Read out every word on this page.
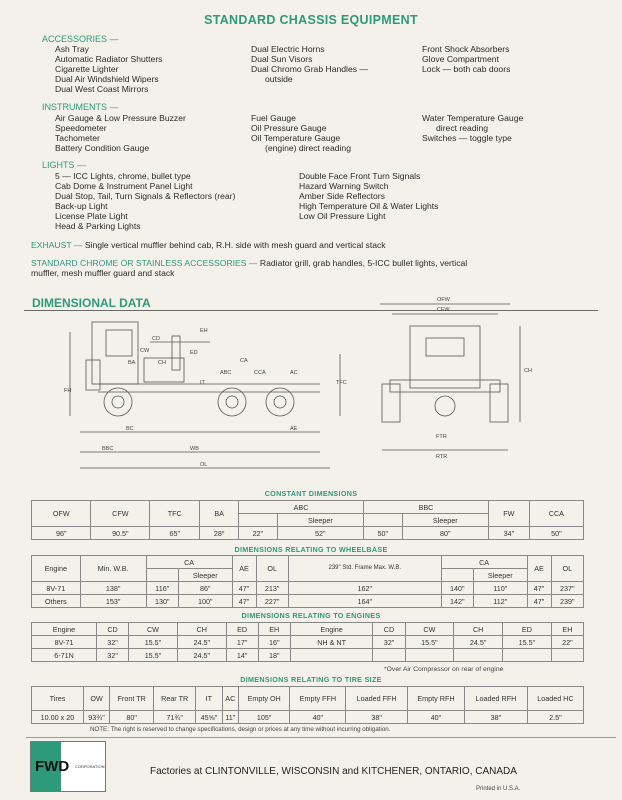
STANDARD CHASSIS EQUIPMENT
ACCESSORIES —
Ash Tray
Automatic Radiator Shutters
Cigarette Lighter
Dual Air Windshield Wipers
Dual West Coast Mirrors
Dual Electric Horns
Dual Sun Visors
Dual Chromo Grab Handles —
outside
Front Shock Absorbers
Glove Compartment
Lock — both cab doors
INSTRUMENTS —
Air Gauge & Low Pressure Buzzer
Speedometer
Tachometer
Battery Condition Gauge
Fuel Gauge
Oil Pressure Gauge
Oil Temperature Gauge
(engine) direct reading
Water Temperature Gauge
direct reading
Switches — toggle type
LIGHTS —
5 — ICC Lights, chrome, bullet type
Cab Dome & Instrument Panel Light
Dual Stop, Tail, Turn Signals & Reflectors (rear)
Back-up Light
License Plate Light
Head & Parking Lights
Double Face Front Turn Signals
Hazard Warning Switch
Amber Side Reflectors
High Temperature Oil & Water Lights
Low Oil Pressure Light
EXHAUST — Single vertical muffler behind cab, R.H. side with mesh guard and vertical stack
STANDARD CHROME OR STAINLESS ACCESSORIES — Radiator grill, grab handles, 5-ICC bullet lights, vertical
muffler, mesh muffler guard and stack
DIMENSIONAL DATA
CD
CW
CH
ED
BA	CA
CCA
ABC	AC
IT
EH
BC
BBC
OL
WB
FH
AE
TFC
OFW
CFW
CH
FTR
RTR
CONSTANT DIMENSIONS
OFW	CFW	TFC	BA	ABC		BBC		FW	CCA
					Sleeper		Sleeper		
96"	90.5"	65"	28"	22"	52"	50"	80"	34"	50"
DIMENSIONS RELATING TO WHEELBASE
Engine	Min. W.B.	CA		AE	OL	239" Std. Frame Max. W.B.	CA		AE	OL
			Sleeper					Sleeper		
8V-71	138"	116"	86"	47"	213"	162"	140"	110"	47"	237"
Others	153"	130"	100"	47"	227"	164"	142"	112"	47"	239"
DIMENSIONS RELATING TO ENGINES
Engine	CD	CW	CH	ED	EH	Engine	CD	CW	CH	ED	EH
8V-71	32"	15.5"	24.5"	17"	16"	NH & NT	32"	15.5"	24.5"	15.5"	22"
6-71N	32"	15.5"	24.5"	14"	18"						
*Over Air Compressor on rear of engine
DIMENSIONS RELATING TO TIRE SIZE
Tires	OW	Front TR	Rear TR	IT	AC	Empty OH	Empty FFH	Loaded FFH	Empty RFH	Loaded RFH	Loaded HC
10.00 x 20	93¾"	80"	71¾"	45⅝"	11"	105"	40"	38"	40"	38"	2.5"
NOTE: The right is reserved to change specifications, design or prices at any time without incurring obligation.
FWD CORPORATION	Factories at CLINTONVILLE, WISCONSIN and KITCHENER, ONTARIO, CANADA
Printed in U.S.A.
